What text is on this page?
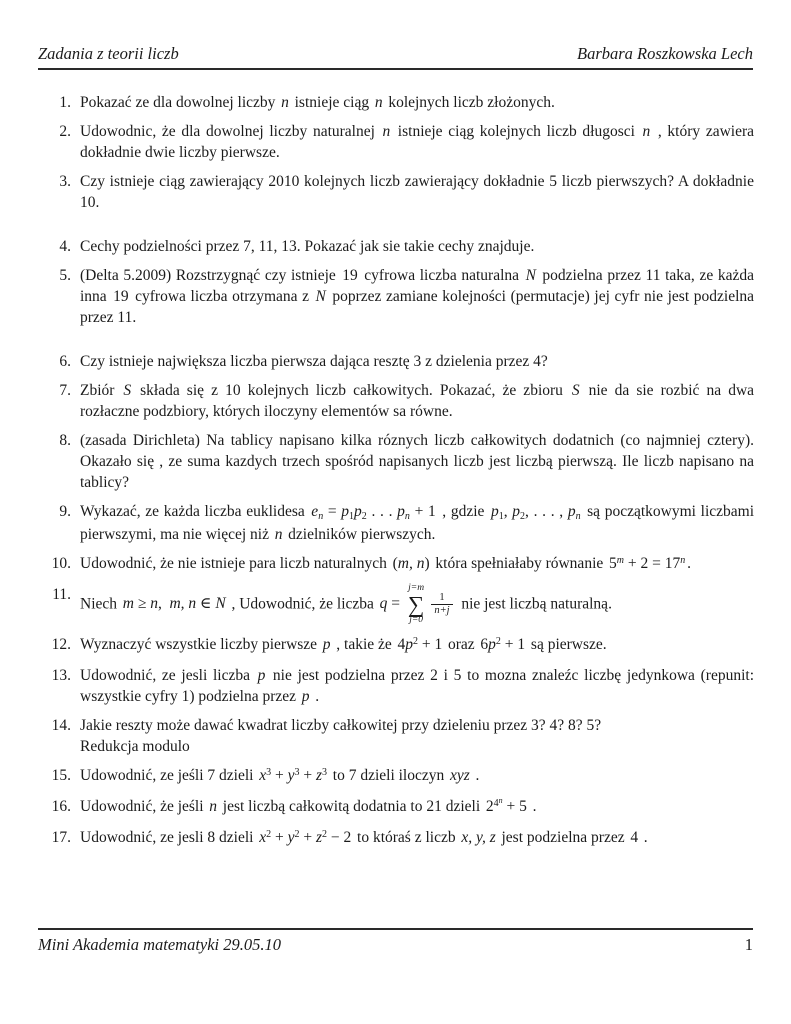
Zadania z teorii liczb	Barbara Roszkowska Lech
1. Pokazać ze dla dowolnej liczby n istnieje ciąg n kolejnych liczb złożonych.
2. Udowodnic, że dla dowolnej liczby naturalnej n istnieje ciąg kolejnych liczb długosci n , który zawiera dokładnie dwie liczby pierwsze.
3. Czy istnieje ciąg zawierający 2010 kolejnych liczb zawierający dokładnie 5 liczb pierwszych? A dokładnie 10.
4. Cechy podzielności przez 7, 11, 13. Pokazać jak sie takie cechy znajduje.
5. (Delta 5.2009) Rozstrzygnąć czy istnieje 19 cyfrowa liczba naturalna N podzielna przez 11 taka, ze każda inna 19 cyfrowa liczba otrzymana z N poprzez zamiane kolejności (permutacje) jej cyfr nie jest podzielna przez 11.
6. Czy istnieje największa liczba pierwsza dająca resztę 3 z dzielenia przez 4?
7. Zbiór S składa się z 10 kolejnych liczb całkowitych. Pokazać, że zbioru S nie da sie rozbić na dwa rozłaczne podzbiory, których iloczyny elementów sa równe.
8. (zasada Dirichleta) Na tablicy napisano kilka róznych liczb całkowitych dodatnich (co najmniej cztery). Okazało się , ze suma kazdych trzech spośród napisanych liczb jest liczbą pierwszą. Ile liczb napisano na tablicy?
9. Wykazać, ze każda liczba euklidesa en = p1p2 . . . pn + 1 , gdzie p1, p2, . . . , pn są początkowymi liczbami pierwszymi, ma nie więcej niż n dzielników pierwszych.
10. Udowodnić, że nie istnieje para liczb naturalnych (m, n) która spełniałaby równanie $5^m + 2 = 17^n$ .
11.
Niech m ≥ n, m, n ∈ N , Udowodnić, że liczba q =
j=m
∑
j=0
$\frac{1}{n+j}$ nie jest liczbą naturalną.
12. Wyznaczyć wszystkie liczby pierwsze p , takie że $4p^2 + 1$ oraz $6p^2 + 1$ są pierwsze.
13. Udowodnić, ze jesli liczba p nie jest podzielna przez 2 i 5 to mozna znaleźc liczbę jedynkowa (repunit: wszystkie cyfry 1) podzielna przez p .
14. Jakie reszty może dawać kwadrat liczby całkowitej przy dzieleniu przez 3? 4? 8? 5?
Redukcja modulo
15. Udowodnić, ze jeśli 7 dzieli $x^3 + y^3 + z^3$ to 7 dzieli iloczyn xyz .
16. Udowodnić, że jeśli n jest liczbą całkowitą dodatnia to 21 dzieli $2^{4^n} + 5$ .
17. Udowodnić, ze jesli 8 dzieli $x^2 + y^2 + z^2 - 2$ to któraś z liczb x, y, z jest podzielna przez 4 .
Mini Akademia matematyki 29.05.10	1
